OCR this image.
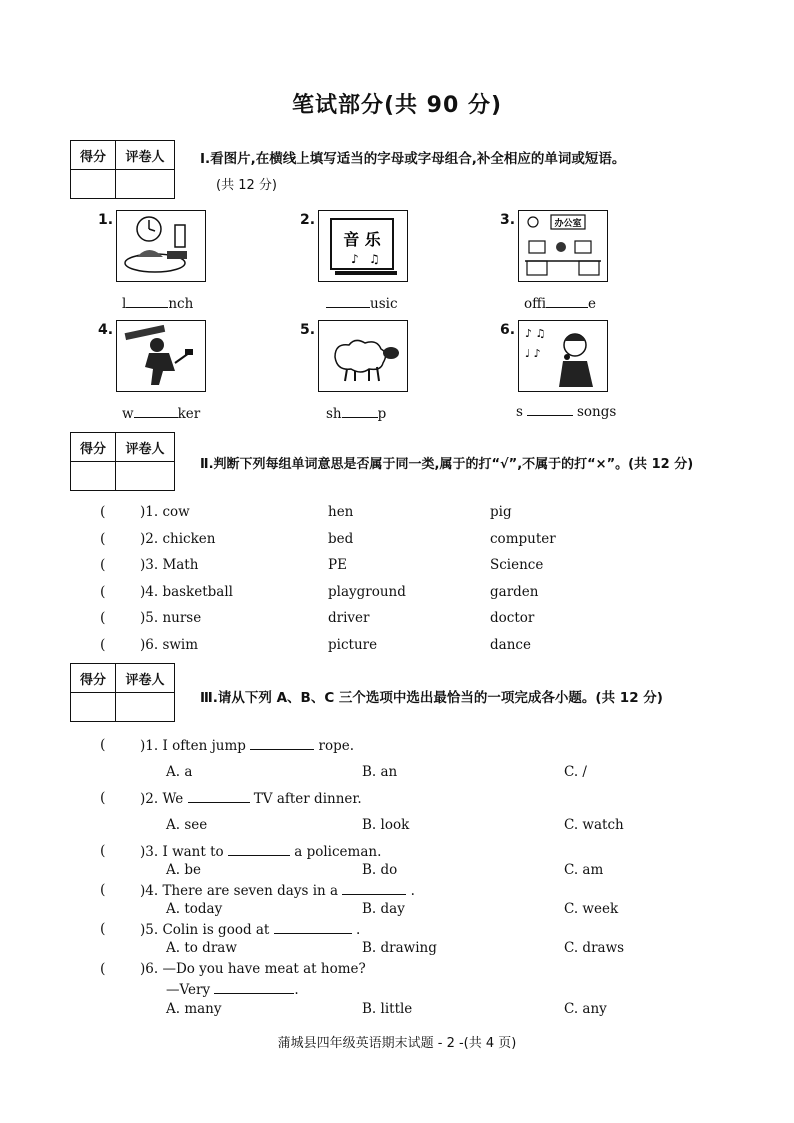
笔试部分(共 90 分)
得分	评卷人
		Ⅰ.看图片,在横线上填写适当的字母或字母组合,补全相应的单词或短语。
(共 12 分)
1.
l	nch
2.
音 乐
♪ ♫
usic
3.	办公室
offi	e
4.
w	ker
5.
sh	p
6. ♪ ♫
♩ ♪
s	songs
得分	评卷人

Ⅱ.判断下列每组单词意思是否属于同一类,属于的打“√”,不属于的打“×”。(共 12 分)
(	)1. cow	hen	pig
(	)2. chicken	bed	computer
(	)3. Math	PE	Science
(	)4. basketball	playground	garden
(	)5. nurse	driver	doctor
(	)6. swim	picture	dance
得分	评卷人

Ⅲ.请从下列 A、B、C 三个选项中选出最恰当的一项完成各小题。(共 12 分)
(	)1. I often jump	rope.
A. a	B. an	C. /
(	)2. We	TV after dinner.
A. see	B. look	C. watch
(	)3. I want to	a policeman.
A. be	B. do	C. am
(	)4. There are seven days in a	.
A. today	B. day	C. week
(	)5. Colin is good at	.
A. to draw	B. drawing	C. draws
(	)6. —Do you have meat at home?
—Very	.
A. many	B. little	C. any
蒲城县四年级英语期末试题 - 2 -(共 4 页)
